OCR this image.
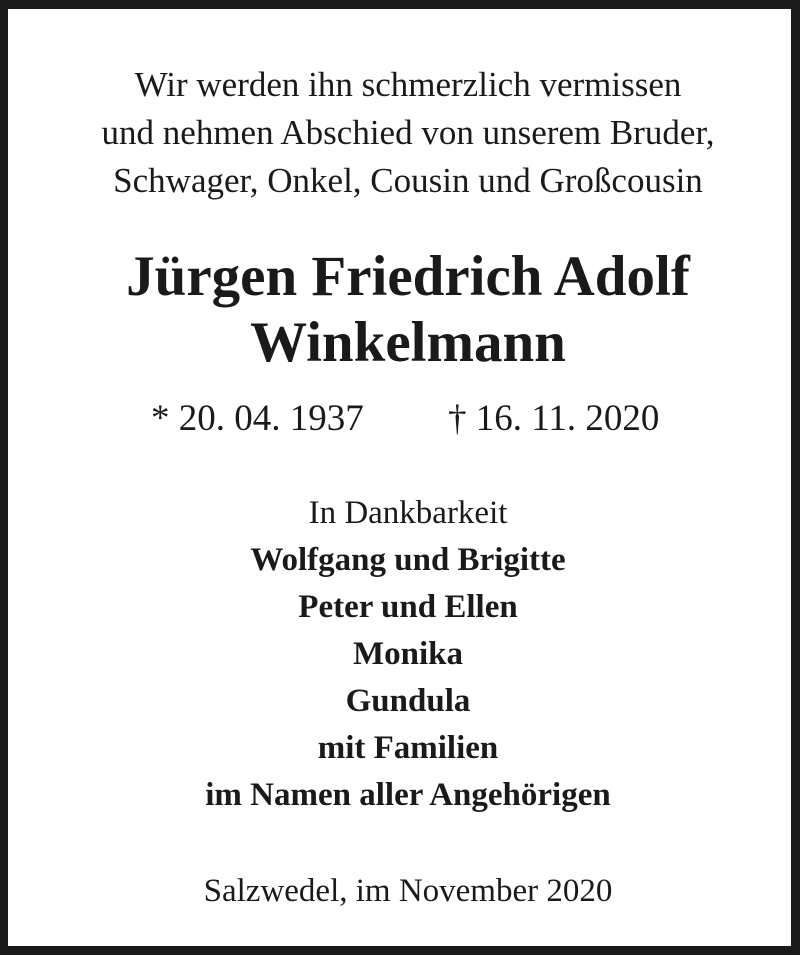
Wir werden ihn schmerzlich vermissen
und nehmen Abschied von unserem Bruder,
Schwager, Onkel, Cousin und Großcousin
Jürgen Friedrich Adolf
Winkelmann
* 20. 04. 1937 † 16. 11. 2020
In Dankbarkeit
Wolfgang und Brigitte
Peter und Ellen
Monika
Gundula
mit Familien
im Namen aller Angehörigen
Salzwedel, im November 2020
